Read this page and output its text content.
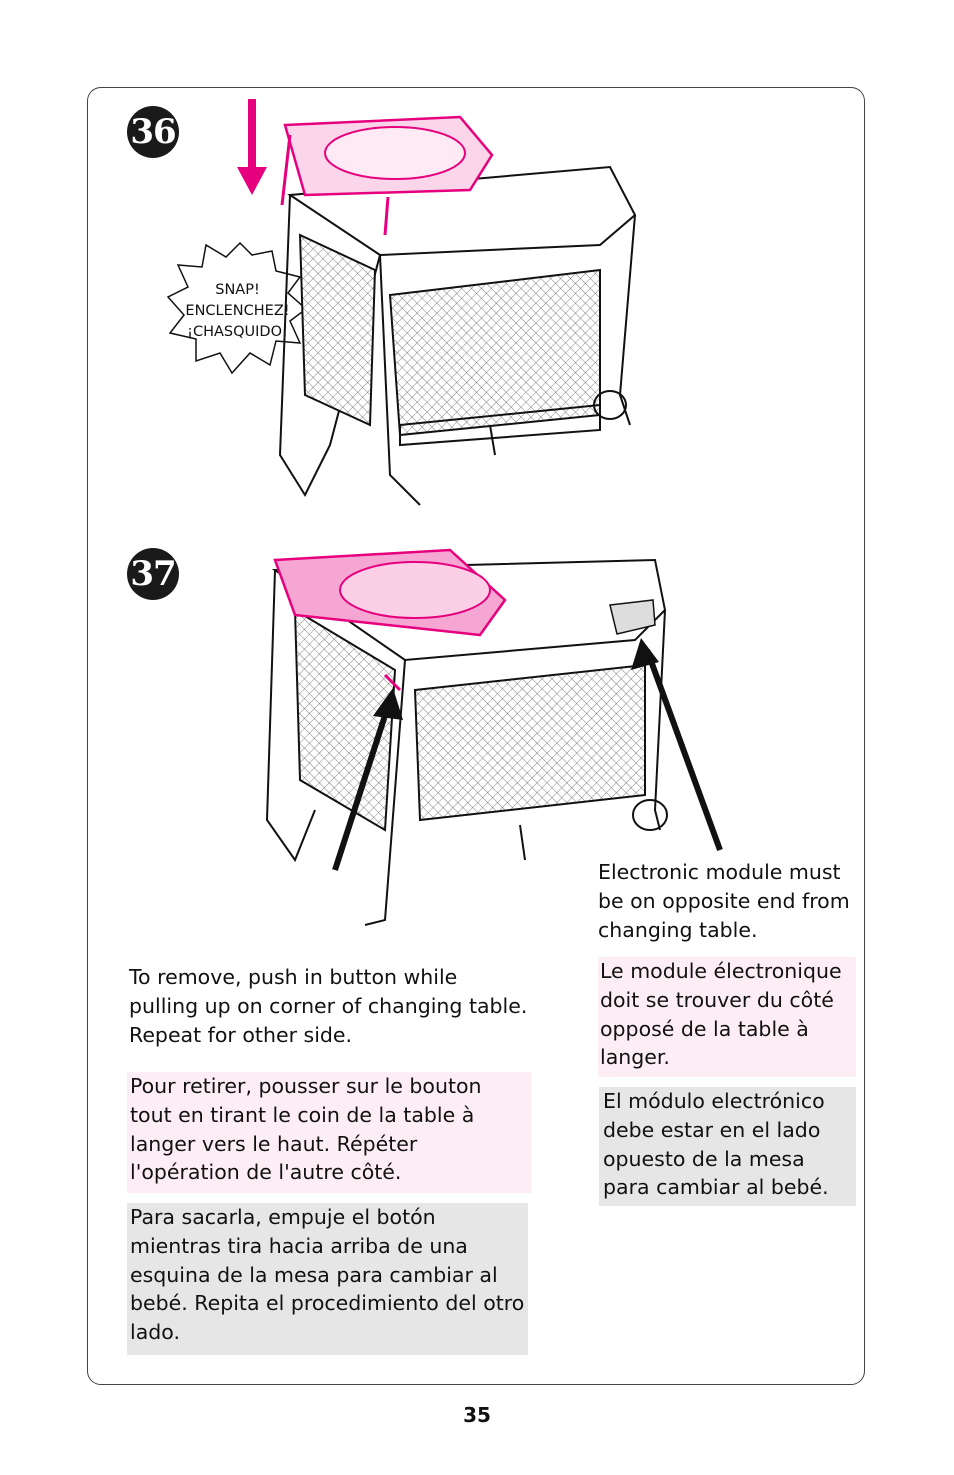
36
SNAP!
ENCLENCHEZ!
¡CHASQUIDO!
37
To remove, push in button while pulling up on corner of changing table. Repeat for other side.
Pour retirer, pousser sur le bouton tout en tirant le coin de la table à langer vers le haut. Répéter l'opération de l'autre côté.
Para sacarla, empuje el botón mientras tira hacia arriba de una esquina de la mesa para cambiar al bebé. Repita el procedimiento del otro lado.
Electronic module must be on opposite end from changing table.
Le module électronique doit se trouver du côté opposé de la table à langer.
El módulo electrónico debe estar en el lado opuesto de la mesa para cambiar al bebé.
35
